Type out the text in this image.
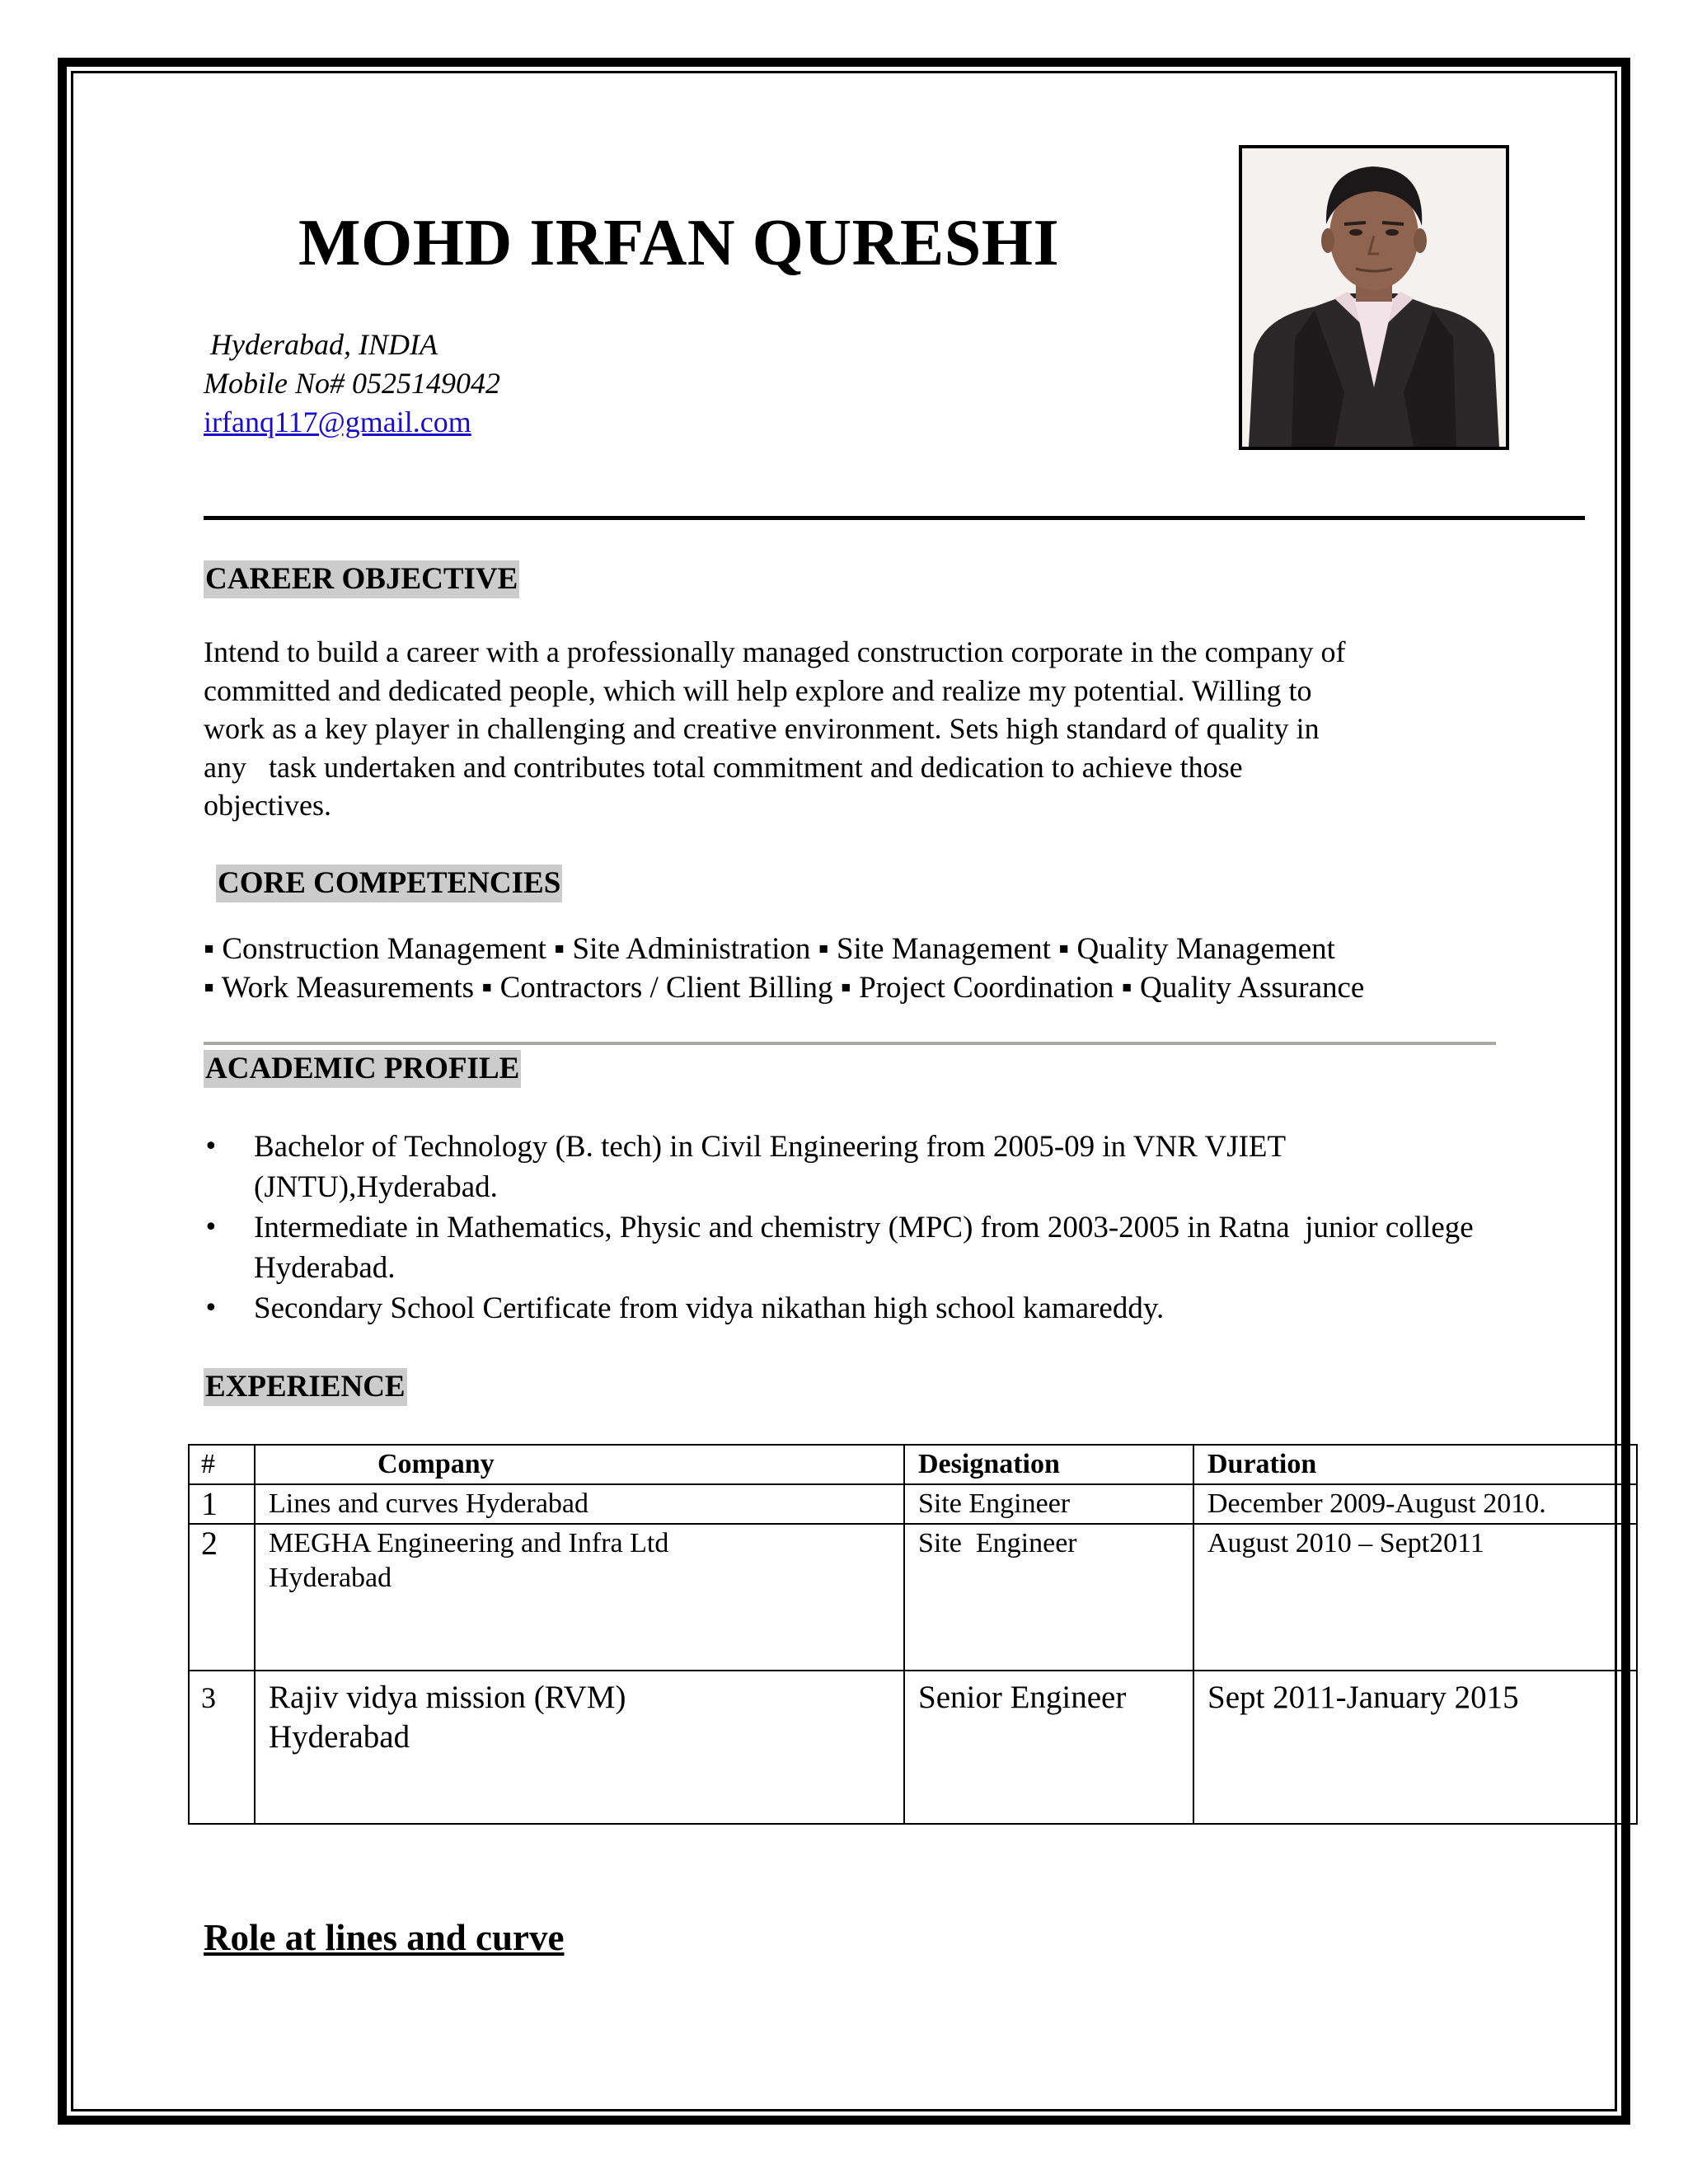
MOHD IRFAN QURESHI
Hyderabad, INDIA
Mobile No# 0525149042
irfanq117@gmail.com
CAREER OBJECTIVE
Intend to build a career with a professionally managed construction corporate in the company of
committed and dedicated people, which will help explore and realize my potential. Willing to
work as a key player in challenging and creative environment. Sets high standard of quality in
any   task undertaken and contributes total commitment and dedication to achieve those
objectives.
CORE COMPETENCIES
▪ Construction Management ▪ Site Administration ▪ Site Management ▪ Quality Management
▪ Work Measurements ▪ Contractors / Client Billing ▪ Project Coordination ▪ Quality Assurance
ACADEMIC PROFILE
• Bachelor of Technology (B. tech) in Civil Engineering from 2005-09 in VNR VJIET
(JNTU),Hyderabad.
• Intermediate in Mathematics, Physic and chemistry (MPC) from 2003-2005 in Ratna  junior college
Hyderabad.
• Secondary School Certificate from vidya nikathan high school kamareddy.
EXPERIENCE
#	Company	Designation	Duration
1	Lines and curves Hyderabad	Site Engineer	December 2009-August 2010.
2	MEGHA Engineering and Infra Ltd
Hyderabad	Site  Engineer	August 2010 – Sept2011
3	Rajiv vidya mission (RVM)
Hyderabad	Senior Engineer	Sept 2011-January 2015
Role at lines and curve
